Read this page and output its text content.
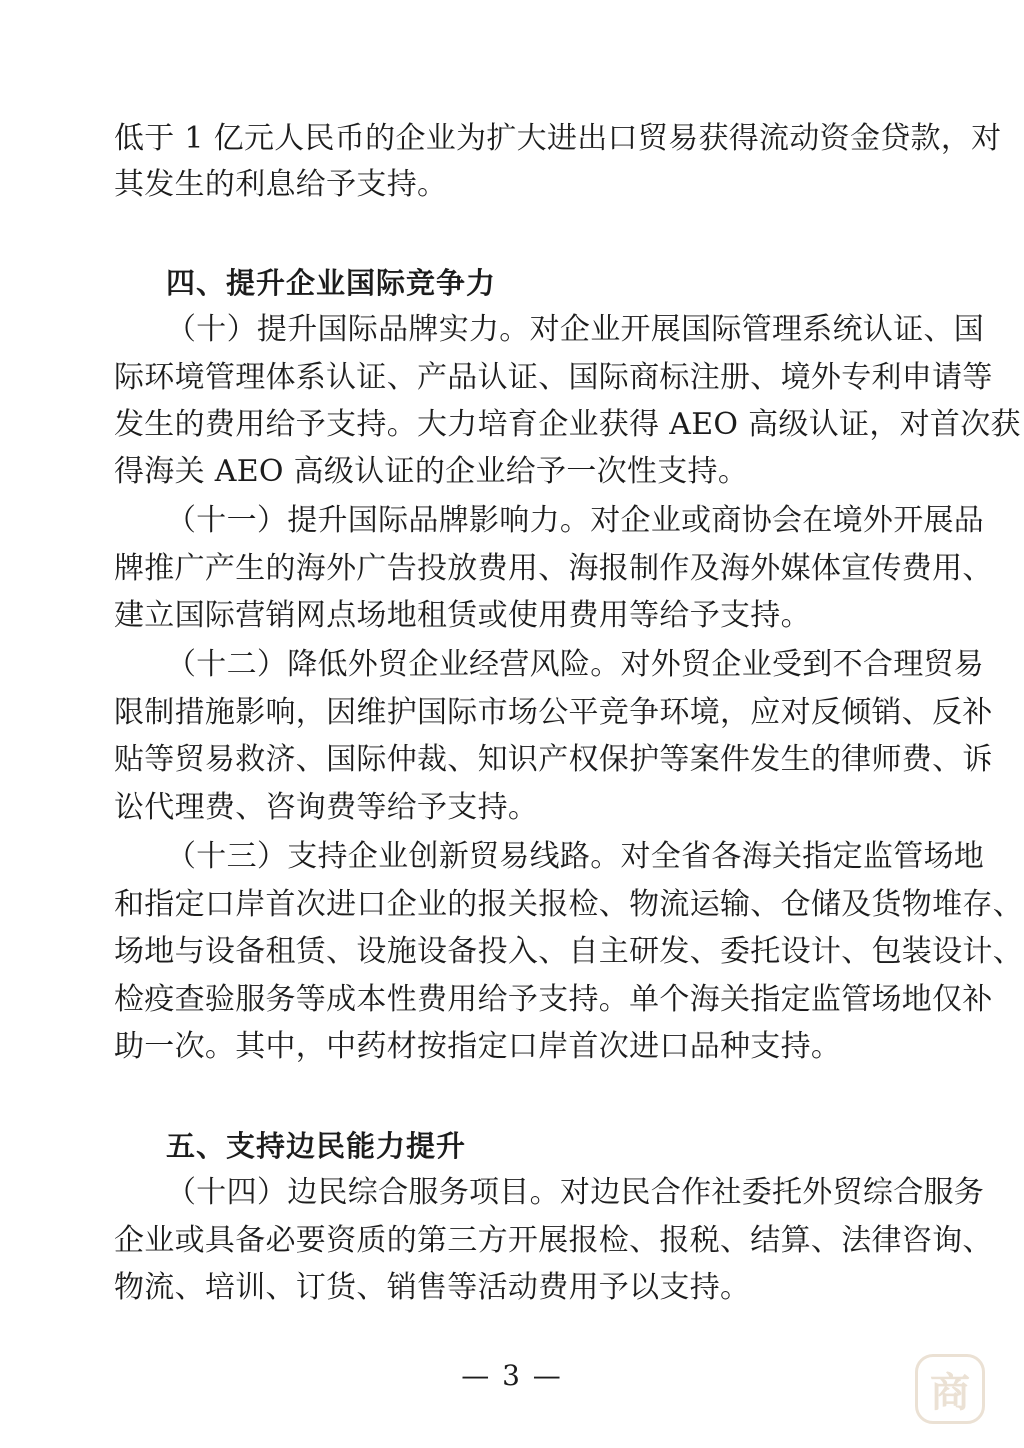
低于 1 亿元人民币的企业为扩大进出口贸易获得流动资金贷款，对
其发生的利息给予支持。
四、提升企业国际竞争力
（十）提升国际品牌实力。对企业开展国际管理系统认证、国
际环境管理体系认证、产品认证、国际商标注册、境外专利申请等
发生的费用给予支持。大力培育企业获得 AEO 高级认证，对首次获
得海关 AEO 高级认证的企业给予一次性支持。
（十一）提升国际品牌影响力。对企业或商协会在境外开展品
牌推广产生的海外广告投放费用、海报制作及海外媒体宣传费用、
建立国际营销网点场地租赁或使用费用等给予支持。
（十二）降低外贸企业经营风险。对外贸企业受到不合理贸易
限制措施影响，因维护国际市场公平竞争环境，应对反倾销、反补
贴等贸易救济、国际仲裁、知识产权保护等案件发生的律师费、诉
讼代理费、咨询费等给予支持。
（十三）支持企业创新贸易线路。对全省各海关指定监管场地
和指定口岸首次进口企业的报关报检、物流运输、仓储及货物堆存、
场地与设备租赁、设施设备投入、自主研发、委托设计、包装设计、
检疫查验服务等成本性费用给予支持。单个海关指定监管场地仅补
助一次。其中，中药材按指定口岸首次进口品种支持。
五、支持边民能力提升
（十四）边民综合服务项目。对边民合作社委托外贸综合服务
企业或具备必要资质的第三方开展报检、报税、结算、法律咨询、
物流、培训、订货、销售等活动费用予以支持。
— 3 —	商
